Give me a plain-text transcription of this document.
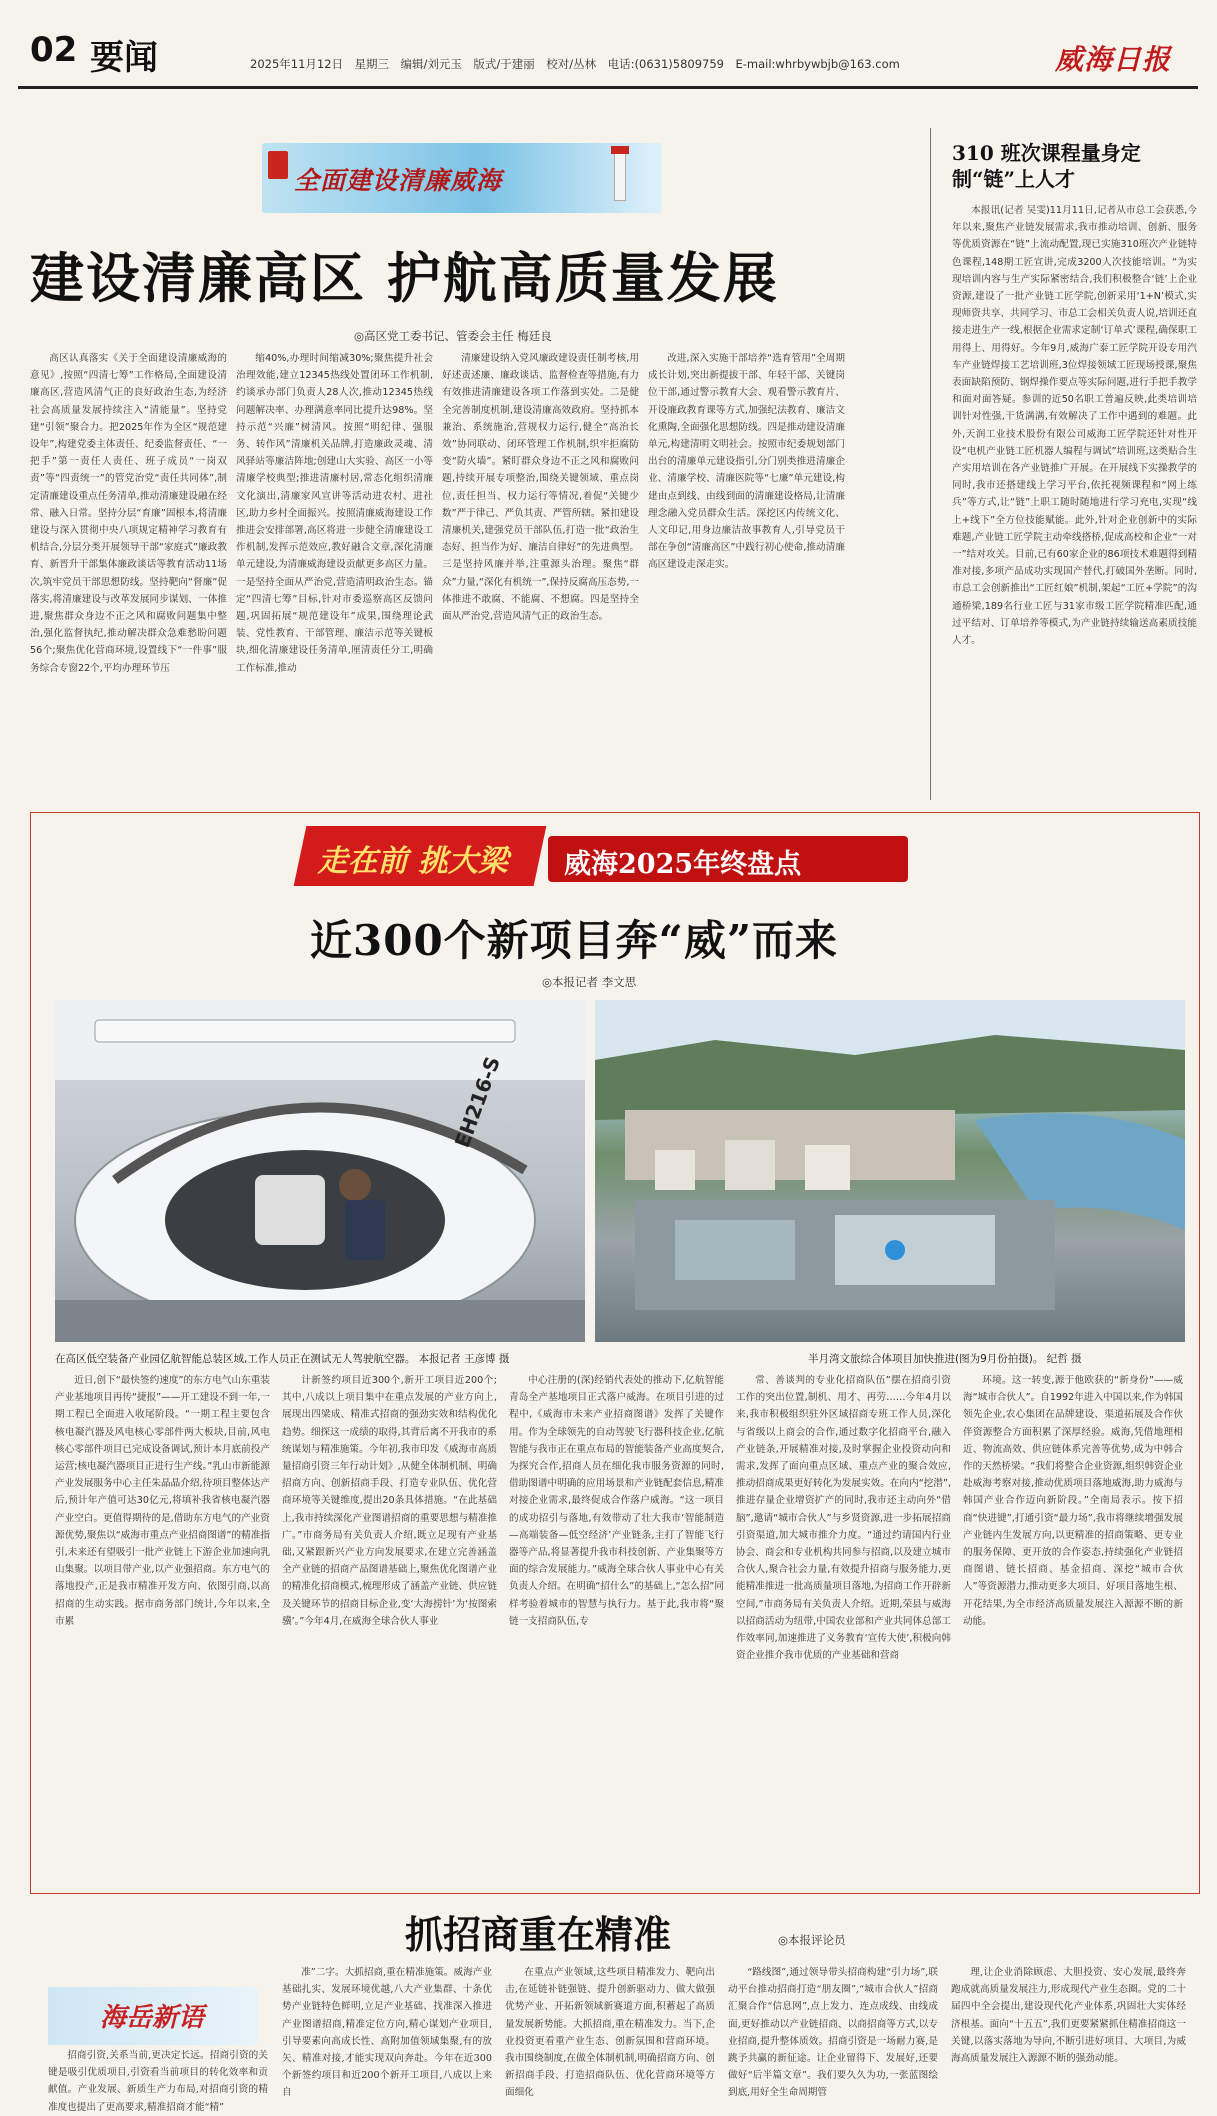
02 要闻	2025年11月12日　星期三　编辑/刘元玉　版式/于建丽　校对/丛林　电话:(0631)5809759　E-mail:whrbywbjb@163.com	威海日报
全面建设清廉威海
建设清廉高区 护航高质量发展
◎高区党工委书记、管委会主任 梅廷良

高区认真落实《关于全面建设清廉威海的意见》,按照“四清七筹”工作格局,全面建设清廉高区,营造风清气正的良好政治生态,为经济社会高质量发展持续注入“清能量”。坚持党建“引领”聚合力。把2025年作为全区“规范建设年”,构建党委主体责任、纪委监督责任、“一把手”第一责任人责任、班子成员“一岗双责”等“四责统一”的管党治党“责任共同体”,制定清廉建设重点任务清单,推动清廉建设融在经常、融入日常。坚持分层“育廉”固根本,将清廉建设与深入贯彻中央八项规定精神学习教育有机结合,分层分类开展领导干部“家庭式”廉政教育、新晋升干部集体廉政谈话等教育活动11场次,筑牢党员干部思想防线。坚持靶向“督廉”促落实,将清廉建设与改革发展同步谋划、一体推进,聚焦群众身边不正之风和腐败问题集中整治,强化监督执纪,推动解决群众急难愁盼问题56个;聚焦优化营商环境,设置线下“一件事”服务综合专窗22个,平均办理环节压

缩40%,办理时间缩减30%;聚焦提升社会治理效能,建立12345热线处置闭环工作机制,约谈承办部门负责人28人次,推动12345热线问题解决率、办理满意率同比提升达98%。坚持示范“兴廉”树清风。按照“明纪律、强服务、转作风”清廉机关品牌,打造廉政灵魂、清风驿站等廉洁阵地;创建山大实验、高区一小等清廉学校典型;推进清廉村居,常态化组织清廉文化演出,清廉家风宣讲等活动进农村、进社区,助力乡村全面振兴。按照清廉威海建设工作推进会安排部署,高区将进一步健全清廉建设工作机制,发挥示范效应,教好融合文章,深化清廉单元建设,为清廉威海建设贡献更多高区力量。一是坚持全面从严治党,营造清明政治生态。锚定“四清七筹”目标,针对市委巡察高区反馈问题,巩固拓展“规范建设年”成果,围绕理论武装、党性教育、干部管理、廉洁示范等关键板块,细化清廉建设任务清单,厘清责任分工,明确工作标准,推动

清廉建设纳入党风廉政建设责任制考核,用好述责述廉、廉政谈话、监督检查等措施,有力有效推进清廉建设各项工作落到实处。二是健全完善制度机制,建设清廉高效政府。坚持抓本兼治、系统施治,营规权力运行,健全“高治长效”协同联动、闭环管理工作机制,织牢拒腐防变“防火墙”。紧盯群众身边不正之风和腐败问题,持续开展专项整治,围绕关键领域、重点岗位,责任担当、权力运行等情况,着促“关键少数”严于律己、严负其责、严管所辖。紧扣建设清廉机关,建强党员干部队伍,打造一批“政治生态好、担当作为好、廉洁自律好”的先进典型。三是坚持风廉并举,注重源头治理。聚焦“群众”力量,“深化有机统一”,保持反腐高压态势,一体推进不敢腐、不能腐、不想腐。四是坚持全面从严治党,营造风清气正的政治生态。

改进,深入实施干部培养“选育管用”全周期成长计划,突出新提拔干部、年轻干部、关键岗位干部,通过警示教育大会、观看警示教育片、开设廉政教育课等方式,加强纪法教育、廉洁文化熏陶,全面强化思想防线。四是推动建设清廉单元,构建清明文明社会。按照市纪委规划部门出台的清廉单元建设指引,分门别类推进清廉企业、清廉学校、清廉医院等“七廉”单元建设,构建由点到线、由线到面的清廉建设格局,让清廉理念融入党员群众生活。深挖区内传统文化、人文印记,用身边廉洁故事教育人,引导党员干部在争创“清廉高区”中践行初心使命,推动清廉高区建设走深走实。

310 班次课程量身定制“链”上人才

本报讯(记者 吴雯)11月11日,记者从市总工会获悉,今年以来,聚焦产业链发展需求,我市推动培训、创新、服务等优质资源在“链”上流动配置,现已实施310班次产业链特色课程,148期工匠宣讲,完成3200人次技能培训。“为实现培训内容与生产实际紧密结合,我们积极整合‘链’上企业资源,建设了一批产业链工匠学院,创新采用‘1+N’模式,实现师资共享、共同学习、市总工会相关负责人说,培训还直接走进生产一线,根据企业需求定制‘订单式’课程,确保职工用得上、用得好。今年9月,威海广泰工匠学院开设专用汽车产业链焊接工艺培训班,3位焊接领域工匠现场授课,聚焦表面缺陷预防、钢焊操作要点等实际问题,进行手把手教学和面对面答疑。参训的近50名职工普遍反映,此类培训培训针对性强,干货满满,有效解决了工作中遇到的难题。此外,天润工业技术股份有限公司威海工匠学院还针对性开设“电机产业链工匠机器人编程与调试”培训班,这类贴合生产实用培训在各产业链推广开展。在开展线下实操教学的同时,我市还搭建线上学习平台,依托视频课程和“网上练兵”等方式,让“链”上职工随时随地进行学习充电,实现“线上+线下”全方位技能赋能。此外,针对企业创新中的实际难题,产业链工匠学院主动牵线搭桥,促成高校和企业“一对一”结对攻关。目前,已有60家企业的86项技术难题得到精准对接,多项产品成功实现国产替代,打破国外垄断。同时,市总工会创新推出“工匠红娘”机制,架起“工匠+学院”的沟通桥梁,189名行业工匠与31家市级工匠学院精准匹配,通过平结对、订单培养等模式,为产业链持续输送高素质技能人才。

走在前 挑大梁 威海2025年终盘点
近300个新项目奔“威”而来
◎本报记者 李文思
EH216-S
在高区低空装备产业园亿航智能总装区域,工作人员正在测试无人驾驶航空器。 本报记者 王彦博 摄	半月湾文旅综合体项目加快推进(图为9月份拍摄)。 纪哲 摄

近日,创下“最快签约速度”的东方电气山东重装产业基地项目再传“捷报”——开工建设不到一年,一期工程已全面进入收尾阶段。“一期工程主要包含核电凝汽器及风电核心零部件两大板块,目前,风电核心零部件项目已完成设备调试,预计本月底前投产运营;核电凝汽器项目正进行生产线。”乳山市新能源产业发展服务中心主任朱晶晶介绍,待项目整体达产后,预计年产值可达30亿元,将填补我省核电凝汽器产业空白。更值得期待的是,借助东方电气的产业资源优势,聚焦以“威海市重点产业招商图谱”的精准指引,未来还有望吸引一批产业链上下游企业加速向乳山集聚。以项目带产业,以产业强招商。东方电气的落地投产,正是我市精准开发方向、依图引商,以高招商的生动实践。据市商务部门统计,今年以来,全市累

计新签约项目近300个,新开工项目近200个;其中,八成以上项目集中在重点发展的产业方向上,展现出四梁成、精准式招商的强劲实效和结构优化趋势。细探这一成绩的取得,其背后离不开我市的系统谋划与精准施策。今年初,我市印发《威海市高质量招商引资三年行动计划》,从健全体制机制、明确招商方向、创新招商手段、打造专业队伍、优化营商环境等关键维度,提出20条具体措施。“在此基础上,我市持续深化产业图谱招商的重要思想与精准推广。”市商务局有关负责人介绍,既立足现有产业基础,又紧跟新兴产业方向发展要求,在建立完善涵盖全产业链的招商产品图谱基础上,聚焦优化图谱产业的精准化招商模式,梳理形成了涵盖产业链、供应链及关键环节的招商目标企业,变‘大海捞针’为‘按图索骥’。”今年4月,在威海全球合伙人事业

中心注册的(深)经销代表处的推动下,亿航智能青岛全产基地项目正式落户威海。在项目引进的过程中,《威海市未来产业招商图谱》发挥了关键作用。作为全球领先的自动驾驶飞行器科技企业,亿航智能与我市正在重点布局的智能装备产业高度契合,为探究合作,招商人员在细化我市服务资源的同时,借助图谱中明确的应用场景和产业链配套信息,精准对接企业需求,最终促成合作落户威海。“这一项目的成功招引与落地,有效带动了壮大我市‘智能制造—高端装备—低空经济’产业链条,主打了智能飞行器等产品,将显著提升我市科技创新、产业集聚等方面的综合发展能力。”威海全球合伙人事业中心有关负责人介绍。在明确“招什么”的基础上,“怎么招”同样考验着城市的智慧与执行力。基于此,我市将“聚链一支招商队伍,专

常、善谈判的专业化招商队伍”摆在招商引资工作的突出位置,制机、用才、再劳……今年4月以来,我市积极组织驻外区域招商专班工作人员,深化与省级以上商会的合作,通过数字化招商平台,融入产业链条,开展精准对接,及时掌握企业投资动向和需求,发挥了面向重点区域、重点产业的聚合效应,推动招商成果更好转化为发展实效。在向内“挖潜”,推进存量企业增资扩产的同时,我市还主动向外“借脑”,邀请“城市合伙人”与乡贤资源,进一步拓展招商引资渠道,加大城市推介力度。“通过约请国内行业协会、商会和专业机构共同参与招商,以及建立城市合伙人,聚合社会力量,有效提升招商与服务能力,更能精准推进一批高质量项目落地,为招商工作开辟新空间,”市商务局有关负责人介绍。近期,荣县与威海以招商活动为纽带,中国农业部和产业共同体总部工作效率同,加速推进了义务教育‘宣传大使’,积极向韩资企业推介我市优质的产业基础和营商

环境。这一转变,源于他欧获的“新身份”——威海“城市合伙人”。自1992年进入中国以来,作为韩国领先企业,农心集团在品牌建设、渠道拓展及合作伙伴资源整合方面积累了深厚经验。威海,凭借地理相近、物流高效、供应链体系完善等优势,成为中韩合作的天然桥梁。“我们将整合企业资源,组织韩资企业赴威海考察对接,推动优质项目落地威海,助力威海与韩国产业合作迈向新阶段。”全南局表示。按下招商“快进键”,打通引资“最力场”,我市将继续增强发展产业链内生发展方向,以更精准的招商策略、更专业的服务保障、更开放的合作姿态,持续强化产业链招商图谱、链长招商、基金招商、深挖“城市合伙人”等资源潜力,推动更多大项目、好项目落地生根、开花结果,为全市经济高质量发展注入源源不断的新动能。

抓招商重在精准	◎本报评论员
海岳新语

招商引资,关系当前,更决定长远。招商引资的关键是吸引优质项目,引资看当前项目的转化效率和贡献值。产业发展、新质生产力布局,对招商引资的精准度也提出了更高要求,精准招商才能“精”

准”二字。大抓招商,重在精准施策。威海产业基础扎实、发展环境优越,八大产业集群、十条优势产业链特色鲜明,立足产业基础、找准深入推进产业图谱招商,精准定位方向,精心谋划产业项目,引导要素向高成长性、高附加值领域集聚,有的放矢、精准对接,才能实现双向奔赴。今年在近300个新签约项目和近200个新开工项目,八成以上来自

在重点产业领域,这些项目精准发力、靶向出击,在延链补链强链、提升创新驱动力、做大做强优势产业、开拓新领域新赛道方面,积蓄起了高质量发展新势能。大抓招商,重在精准发力。当下,企业投资更看重产业生态、创新氛围和营商环境。我市围绕制度,在做全体制机制,明确招商方向、创新招商手段、打造招商队伍、优化营商环境等方面细化

“路线图”,通过领导带头招商构建“引力场”,联动平台推动招商打造“朋友圈”,“城市合伙人”招商汇聚合作“信息网”,点上发力、连点成线、由线成面,更好推动以产业链招商、以商招商等方式,以专业招商,提升整体质效。招商引资是一场耐力赛,是跳予共赢的新征途。让企业留得下、发展好,还要做好“后半篇文章”。我们要久久为功,一张蓝图绘到底,用好全生命周期管

理,让企业消除顾虑、大胆投资、安心发展,最终奔跑成就高质量发展注力,形成现代产业生态圈。党的二十届四中全会提出,建设现代化产业体系,巩固壮大实体经济根基。面向“十五五”,我们更要紧紧抓住精准招商这一关键,以落实落地为导向,不断引进好项目、大项目,为威海高质量发展注入源源不断的强劲动能。
